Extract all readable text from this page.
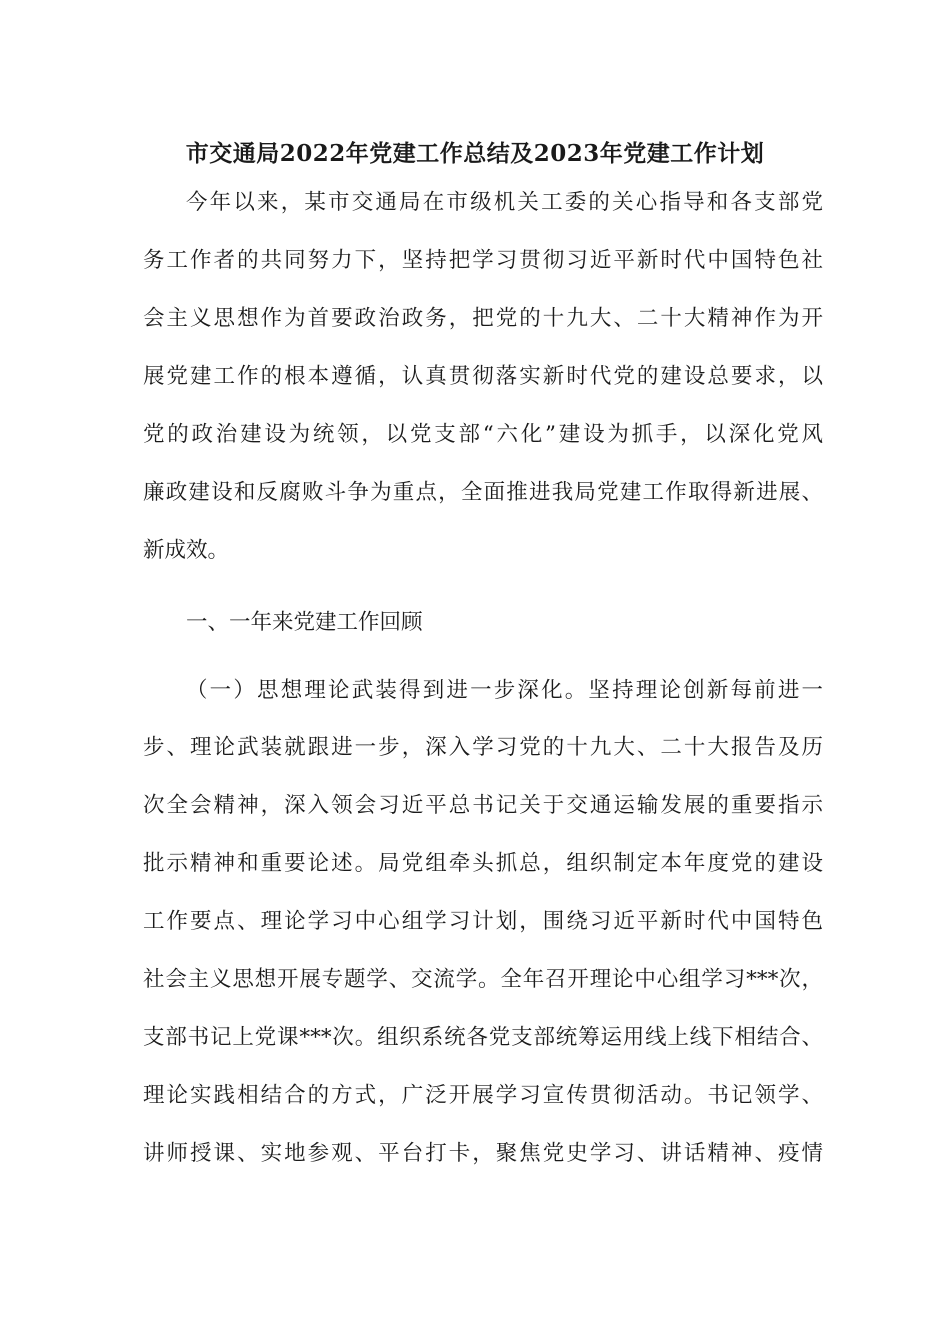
市交通局2022年党建工作总结及2023年党建工作计划

今年以来，某市交通局在市级机关工委的关心指导和各支部党

务工作者的共同努力下，坚持把学习贯彻习近平新时代中国特色社

会主义思想作为首要政治政务，把党的十九大、二十大精神作为开

展党建工作的根本遵循，认真贯彻落实新时代党的建设总要求，以

党的政治建设为统领，以党支部“六化”建设为抓手，以深化党风

廉政建设和反腐败斗争为重点，全面推进我局党建工作取得新进展、

新成效。

一、一年来党建工作回顾

（一）思想理论武装得到进一步深化。坚持理论创新每前进一

步、理论武装就跟进一步，深入学习党的十九大、二十大报告及历

次全会精神，深入领会习近平总书记关于交通运输发展的重要指示

批示精神和重要论述。局党组牵头抓总，组织制定本年度党的建设

工作要点、理论学习中心组学习计划，围绕习近平新时代中国特色

社会主义思想开展专题学、交流学。全年召开理论中心组学习***次，

支部书记上党课***次。组织系统各党支部统筹运用线上线下相结合、

理论实践相结合的方式，广泛开展学习宣传贯彻活动。书记领学、

讲师授课、实地参观、平台打卡，聚焦党史学习、讲话精神、疫情
